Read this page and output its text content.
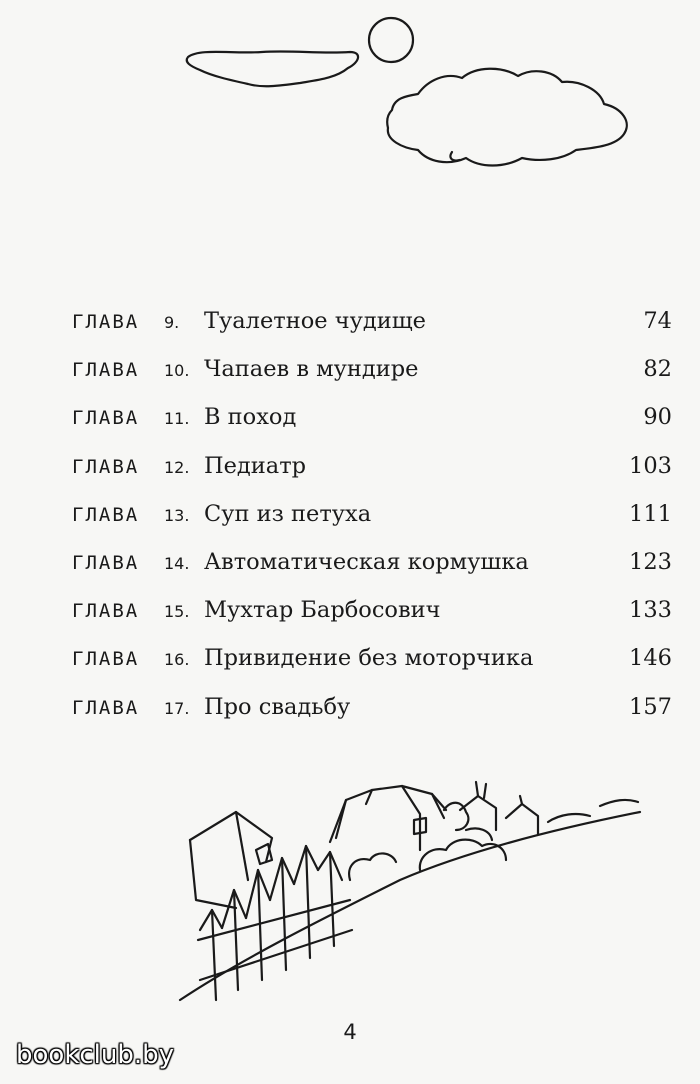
ГЛАВА	9.	Туалетное чудище	74
ГЛАВА	10. Чапаев в мундире	82
ГЛАВА	11. В поход	90
ГЛАВА	12. Педиатр	103
ГЛАВА	13. Суп из петуха	111
ГЛАВА	14. Автоматическая кормушка	123
ГЛАВА	15. Мухтар Барбосович	133
ГЛАВА	16. Привидение без моторчика	146
ГЛАВА	17. Про свадьбу	157
4
bookclub.by
